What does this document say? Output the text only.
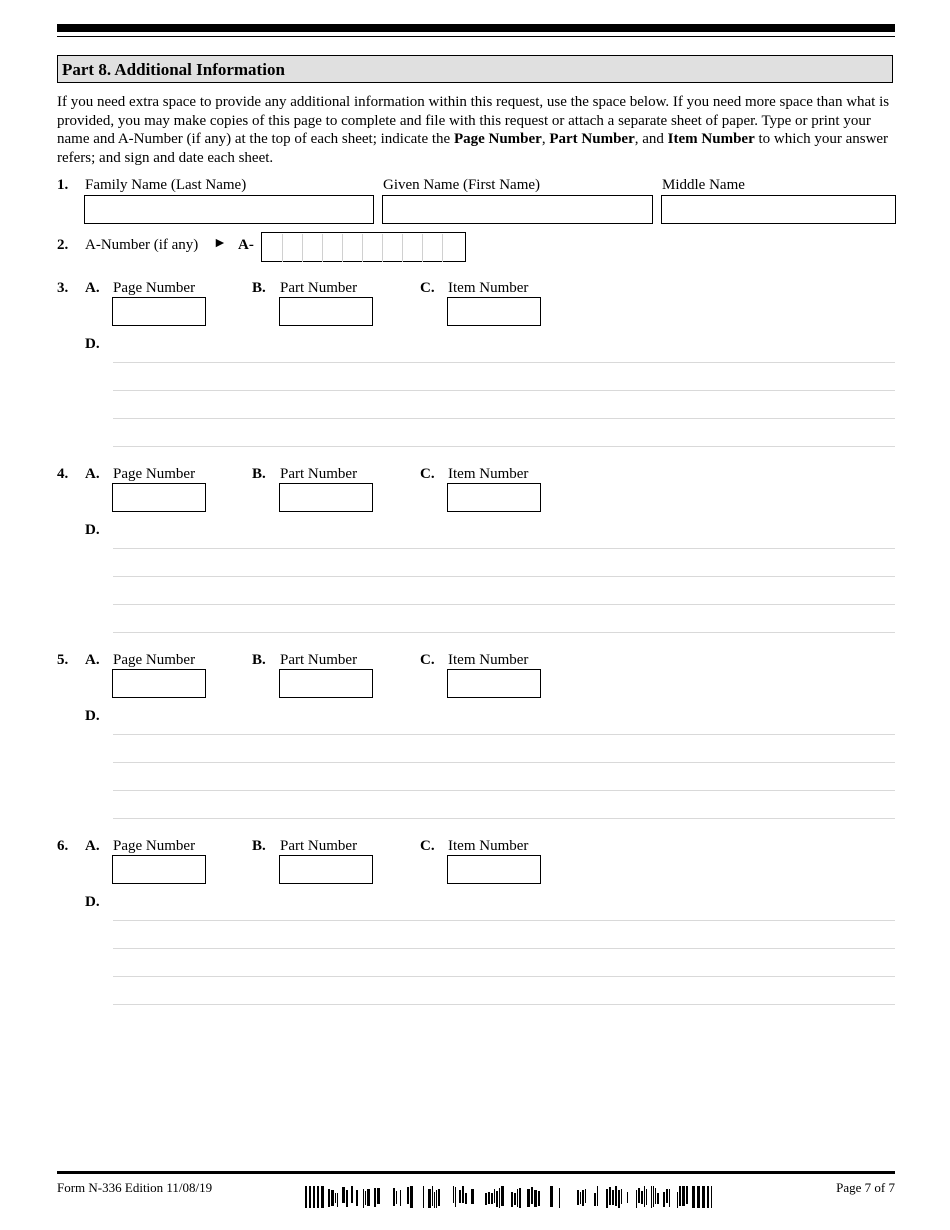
Part 8. Additional Information
If you need extra space to provide any additional information within this request, use the space below. If you need more space than what is provided, you may make copies of this page to complete and file with this request or attach a separate sheet of paper. Type or print your name and A-Number (if any) at the top of each sheet; indicate the Page Number, Part Number, and Item Number to which your answer refers; and sign and date each sheet.
1. Family Name (Last Name)	Given Name (First Name)	Middle Name
2. A-Number (if any) ► A-
3. A. Page Number	B. Part Number	C. Item Number
D.
4. A. Page Number	B. Part Number	C. Item Number
D.
5. A. Page Number	B. Part Number	C. Item Number
D.
6. A. Page Number	B. Part Number	C. Item Number
D.
Form N-336 Edition 11/08/19	Page 7 of 7
